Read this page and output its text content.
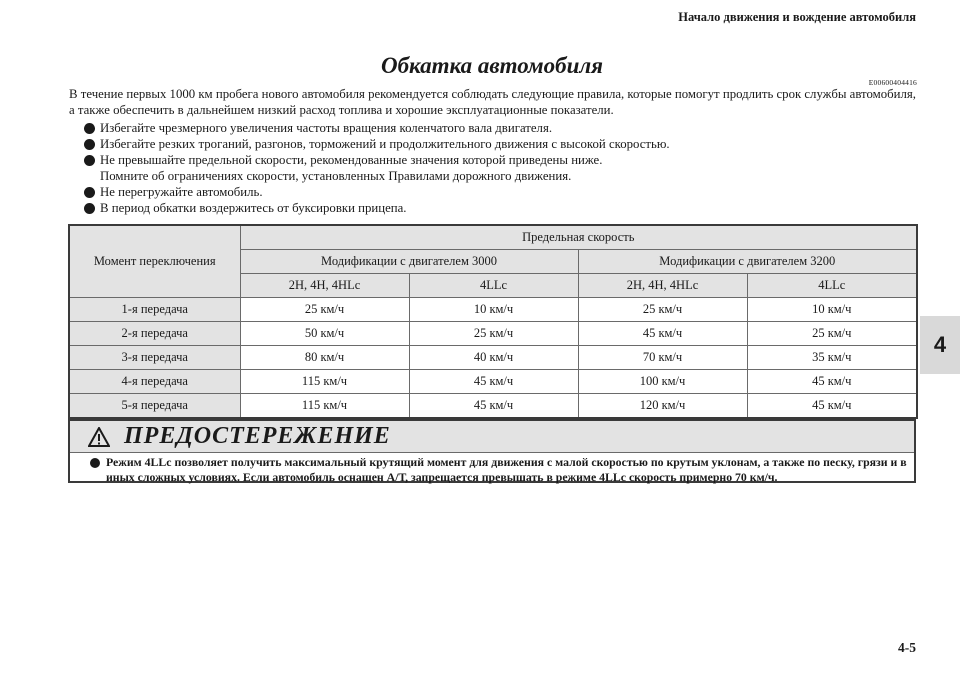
Начало движения и вождение автомобиля
Обкатка автомобиля
E00600404416

В течение первых 1000 км пробега нового автомобиля рекомендуется соблюдать следующие правила, которые помогут продлить срок службы автомобиля, а также обеспечить в дальнейшем низкий расход топлива и хорошие эксплуатационные показатели.

Избегайте чрезмерного увеличения частоты вращения коленчатого вала двигателя.
Избегайте резких троганий, разгонов, торможений и продолжительного движения с высокой скоростью.
Не превышайте предельной скорости, рекомендованные значения которой приведены ниже.
Помните об ограничениях скорости, установленных Правилами дорожного движения.
Не перегружайте автомобиль.
В период обкатки воздержитесь от буксировки прицепа.
Момент переключения	Предельная скорость			
	Модификации с двигателем 3000		Модификации с двигателем 3200	
	2H, 4H, 4HLc	4LLc	2H, 4H, 4HLc	4LLc
1-я передача	25 км/ч	10 км/ч	25 км/ч	10 км/ч
2-я передача	50 км/ч	25 км/ч	45 км/ч	25 км/ч
3-я передача	80 км/ч	40 км/ч	70 км/ч	35 км/ч
4-я передача	115 км/ч	45 км/ч	100 км/ч	45 км/ч
5-я передача	115 км/ч	45 км/ч	120 км/ч	45 км/ч
4
ПРЕДОСТЕРЕЖЕНИЕ
Режим 4LLc позволяет получить максимальный крутящий момент для движения с малой скоростью по крутым уклонам, а также по песку, грязи и в иных сложных условиях. Если автомобиль оснащен А/Т, запрещается превышать в режиме 4LLc скорость примерно 70 км/ч.
4-5
